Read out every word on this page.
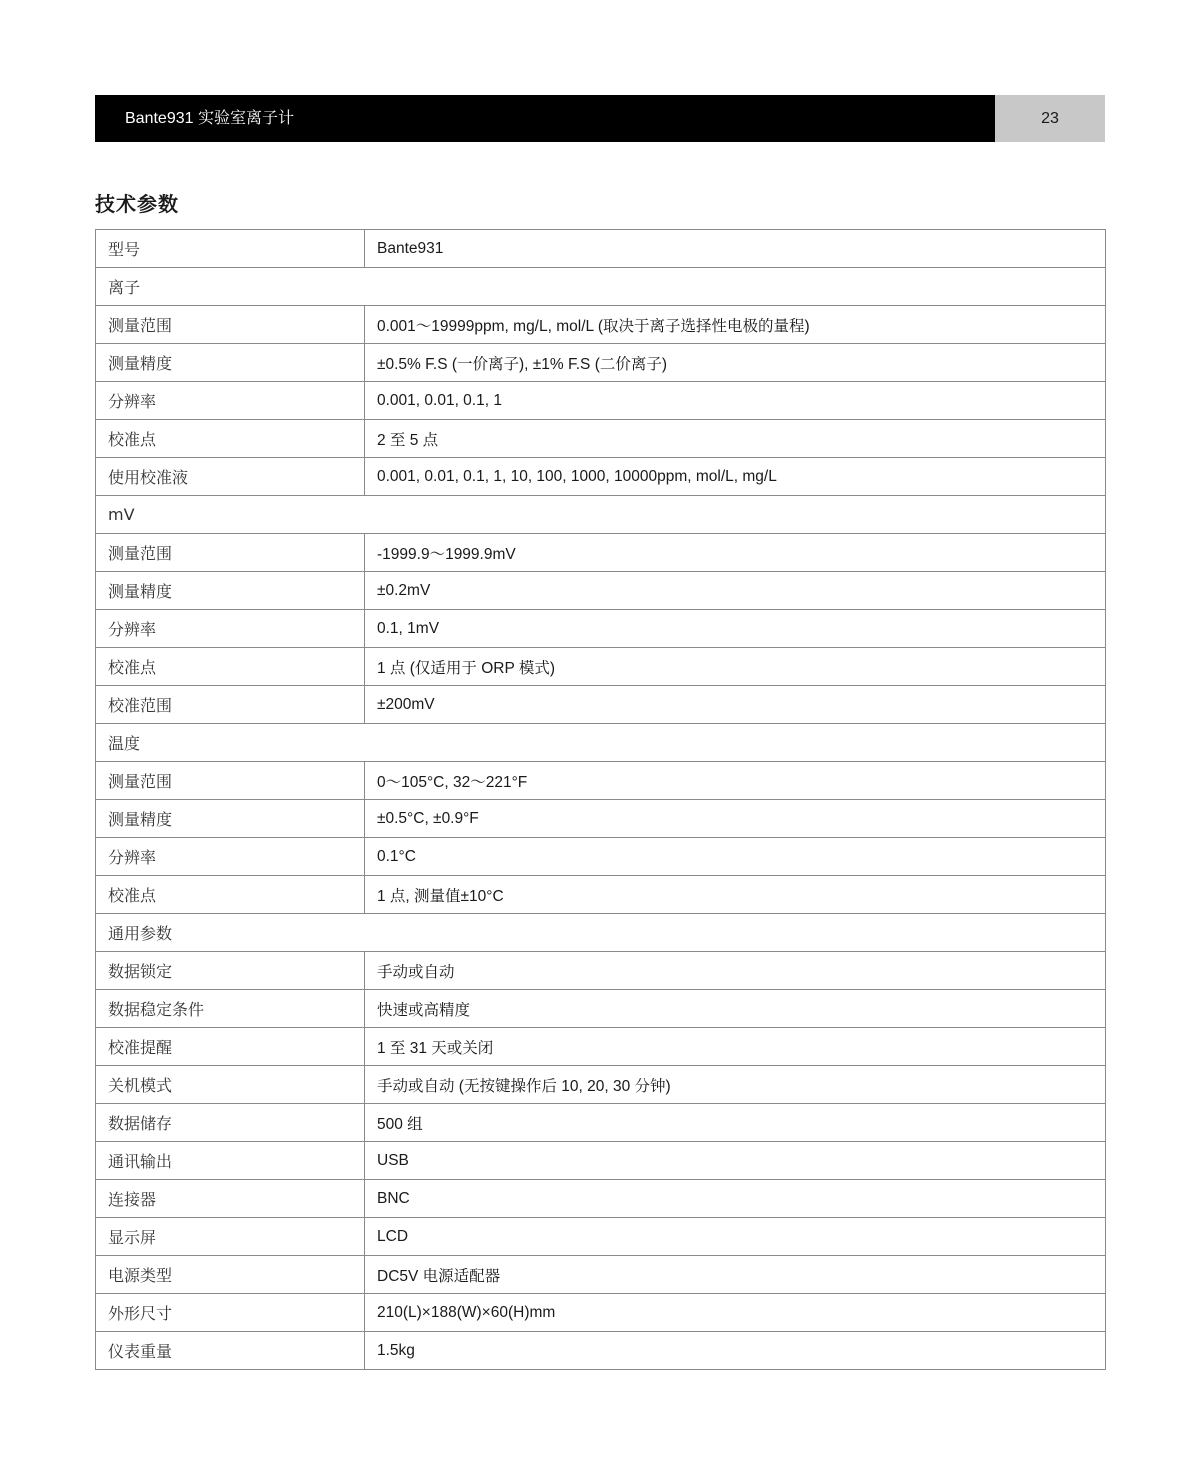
Bante931 实验室离子计	23
技术参数
型号	Bante931
离子	
测量范围	0.001～19999ppm, mg/L, mol/L (取决于离子选择性电极的量程)
测量精度	±0.5% F.S (一价离子), ±1% F.S (二价离子)
分辨率	0.001, 0.01, 0.1, 1
校准点	2 至 5 点
使用校准液	0.001, 0.01, 0.1, 1, 10, 100, 1000, 10000ppm, mol/L, mg/L
mV	
测量范围	-1999.9～1999.9mV
测量精度	±0.2mV
分辨率	0.1, 1mV
校准点	1 点 (仅适用于 ORP 模式)
校准范围	±200mV
温度	
测量范围	0～105°C, 32～221°F
测量精度	±0.5°C, ±0.9°F
分辨率	0.1°C
校准点	1 点, 测量值±10°C
通用参数	
数据锁定	手动或自动
数据稳定条件	快速或高精度
校准提醒	1 至 31 天或关闭
关机模式	手动或自动 (无按键操作后 10, 20, 30 分钟)
数据储存	500 组
通讯输出	USB
连接器	BNC
显示屏	LCD
电源类型	DC5V 电源适配器
外形尺寸	210(L)×188(W)×60(H)mm
仪表重量	1.5kg
